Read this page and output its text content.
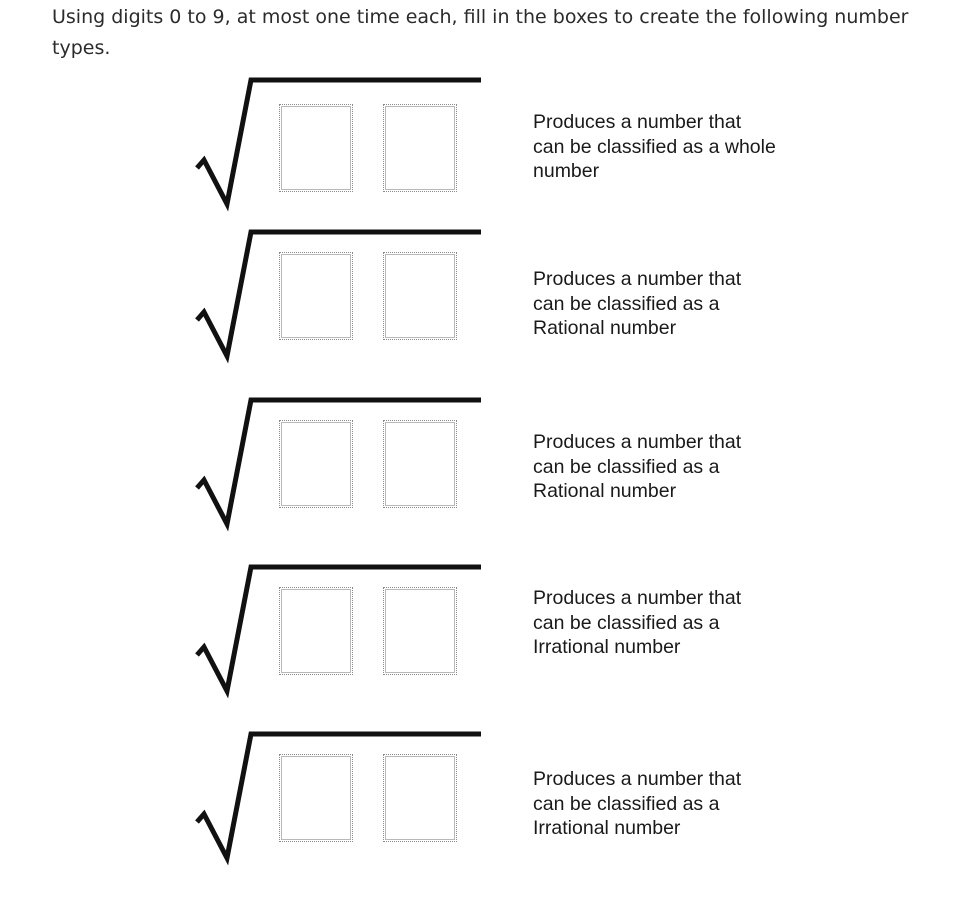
Using digits 0 to 9, at most one time each, fill in the boxes to create the following number types.

Produces a number that
can be classified as a whole
number

Produces a number that
can be classified as a
Rational number

Produces a number that
can be classified as a
Rational number

Produces a number that
can be classified as a
Irrational number

Produces a number that
can be classified as a
Irrational number
